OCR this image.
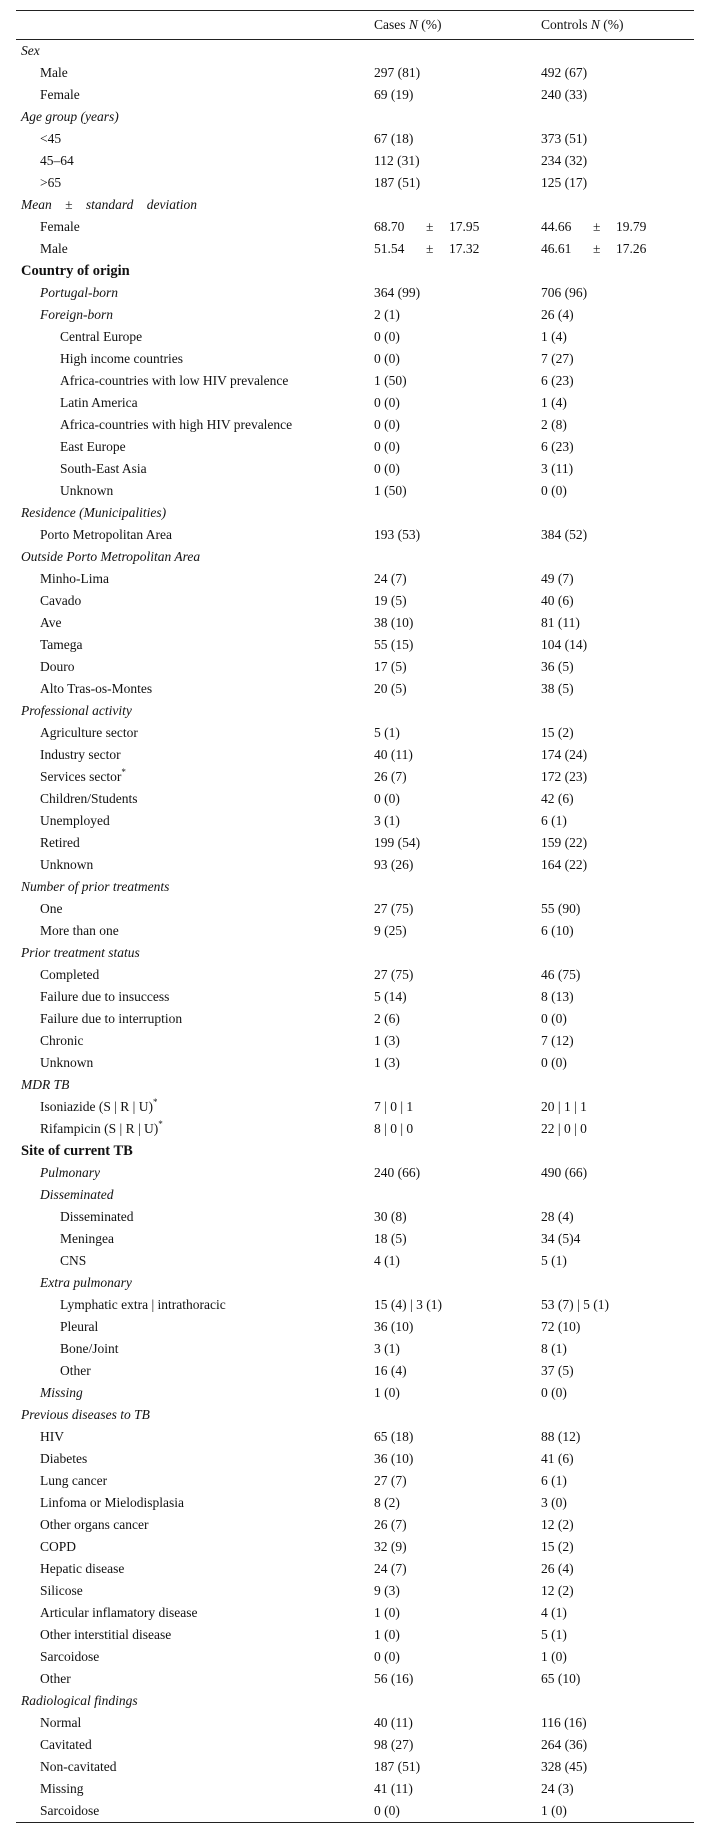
Cases N (%)	Controls N (%)
Sex
Male	297 (81)	492 (67)
Female	69 (19)	240 (33)
Age group (years)
<45	67 (18)	373 (51)
45–64	112 (31)	234 (32)
>65	187 (51)	125 (17)
Mean ± standard deviation
Female	68.70 ± 17.95	44.66 ± 19.79
Male	51.54 ± 17.32	46.61 ± 17.26
Country of origin
Portugal-born	364 (99)	706 (96)
Foreign-born	2 (1)	26 (4)
Central Europe	0 (0)	1 (4)
High income countries	0 (0)	7 (27)
Africa-countries with low HIV prevalence	1 (50)	6 (23)
Latin America	0 (0)	1 (4)
Africa-countries with high HIV prevalence	0 (0)	2 (8)
East Europe	0 (0)	6 (23)
South-East Asia	0 (0)	3 (11)
Unknown	1 (50)	0 (0)
Residence (Municipalities)
Porto Metropolitan Area	193 (53)	384 (52)
Outside Porto Metropolitan Area
Minho-Lima	24 (7)	49 (7)
Cavado	19 (5)	40 (6)
Ave	38 (10)	81 (11)
Tamega	55 (15)	104 (14)
Douro	17 (5)	36 (5)
Alto Tras-os-Montes	20 (5)	38 (5)
Professional activity
Agriculture sector	5 (1)	15 (2)
Industry sector	40 (11)	174 (24)
Services sector*	26 (7)	172 (23)
Children/Students	0 (0)	42 (6)
Unemployed	3 (1)	6 (1)
Retired	199 (54)	159 (22)
Unknown	93 (26)	164 (22)
Number of prior treatments
One	27 (75)	55 (90)
More than one	9 (25)	6 (10)
Prior treatment status
Completed	27 (75)	46 (75)
Failure due to insuccess	5 (14)	8 (13)
Failure due to interruption	2 (6)	0 (0)
Chronic	1 (3)	7 (12)
Unknown	1 (3)	0 (0)
MDR TB
Isoniazide (S | R | U)*	7 | 0 | 1	20 | 1 | 1
Rifampicin (S | R | U)*	8 | 0 | 0	22 | 0 | 0
Site of current TB
Pulmonary	240 (66)	490 (66)
Disseminated
Disseminated	30 (8)	28 (4)
Meningea	18 (5)	34 (5)4
CNS	4 (1)	5 (1)
Extra pulmonary
Lymphatic extra | intrathoracic	15 (4) | 3 (1)	53 (7) | 5 (1)
Pleural	36 (10)	72 (10)
Bone/Joint	3 (1)	8 (1)
Other	16 (4)	37 (5)
Missing	1 (0)	0 (0)
Previous diseases to TB
HIV	65 (18)	88 (12)
Diabetes	36 (10)	41 (6)
Lung cancer	27 (7)	6 (1)
Linfoma or Mielodisplasia	8 (2)	3 (0)
Other organs cancer	26 (7)	12 (2)
COPD	32 (9)	15 (2)
Hepatic disease	24 (7)	26 (4)
Silicose	9 (3)	12 (2)
Articular inflamatory disease	1 (0)	4 (1)
Other interstitial disease	1 (0)	5 (1)
Sarcoidose	0 (0)	1 (0)
Other	56 (16)	65 (10)
Radiological findings
Normal	40 (11)	116 (16)
Cavitated	98 (27)	264 (36)
Non-cavitated	187 (51)	328 (45)
Missing	41 (11)	24 (3)
Sarcoidose	0 (0)	1 (0)
